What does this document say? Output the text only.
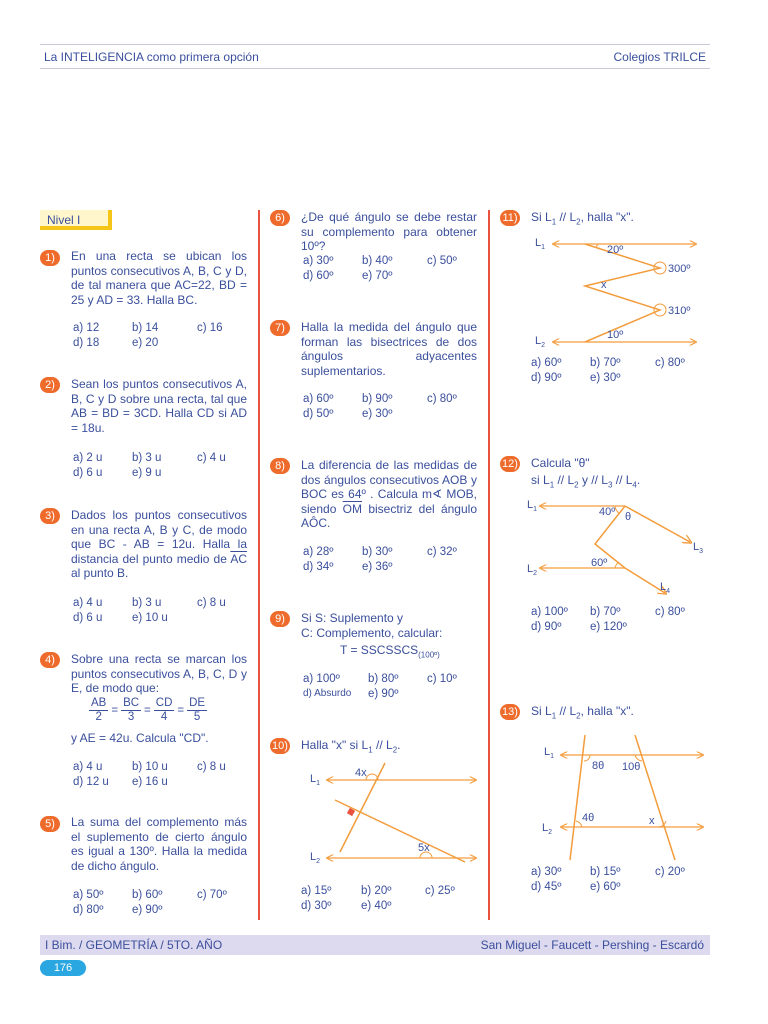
La INTELIGENCIA como primera opción	Colegios TRILCE
Nivel I
1)	En una recta se ubican los puntos consecutivos A, B, C y D, de tal manera que AC=22, BD = 25 y AD = 33. Halla BC.
a) 12	b) 14	c) 16
d) 18	e) 20
2)	Sean los puntos consecutivos A, B, C y D sobre una recta, tal que AB = BD = 3CD. Halla CD si AD = 18u.
a) 2 u	b) 3 u	c) 4 u
d) 6 u	e) 9 u
3)	Dados los puntos consecutivos en una recta A, B y C, de modo que BC - AB = 12u. Halla la distancia del punto medio de $\overline{AC}$ al punto B.
a) 4 u	b) 3 u	c) 8 u
d) 6 u	e) 10 u
4)	Sobre una recta se marcan los puntos consecutivos A, B, C, D y E, de modo que:
$\frac{AB}{2} = \frac{BC}{3} = \frac{CD}{4} = \frac{DE}{5}$
y AE = 42u. Calcula "CD".
a) 4 u	b) 10 u	c) 8 u
d) 12 u e) 16 u
5)	La suma del complemento más el suplemento de cierto ángulo es igual a 130º. Halla la medida de dicho ángulo.
a) 50º b) 60º	c) 70º
d) 80º e) 90º
6)	¿De qué ángulo se debe restar su complemento para obtener 10º?
a) 30º b) 40º	c) 50º
d) 60º e) 70º
7)	Halla la medida del ángulo que forman las bisectrices de dos ángulos adyacentes suplementarios.
a) 60º b) 90º	c) 80º
d) 50º e) 30º
8)	La diferencia de las medidas de dos ángulos consecutivos AOB y BOC es 64º . Calcula m∢ MOB, siendo $\overline{OM}$ bisectriz del ángulo AÔC.
a) 28º b) 30º	c) 32º
d) 34º e) 36º
9)	Si S: Suplemento y
C: Complemento, calcular:
$T = SSCSSCS_{(100º)}$
a) 100º b) 80º c) 10º
d) Absurdo e) 90º
10) Halla "x" si $L_1 // L_2$.
$L_1$
$L_2$
4x
5x
a) 15º	b) 20º	c) 25º
d) 30º	e) 40º
11) Si $L_1 // L_2$, halla "x".
$L_1$
$L_2$
20º
300º
x
310º
10º
a) 60º b) 70º	c) 80º
d) 90º e) 30º
12) Calcula "θ"
si $L_1 // L_2$ y // $L_3 // L_4$.
$L_1$
$L_2$
$L_3$
$L_4$
40º θ
60º
a) 100º b) 70º	c) 80º
d) 90º e) 120º
13) Si $L_1 // L_2$, halla "x".
$L_1$
$L_2$
8θ 10θ
4θ	x
a) 30º b) 15º	c) 20º
d) 45º e) 60º
I Bim. / GEOMETRÍA / 5TO. AÑO	San Miguel - Faucett - Pershing - Escardó
176
